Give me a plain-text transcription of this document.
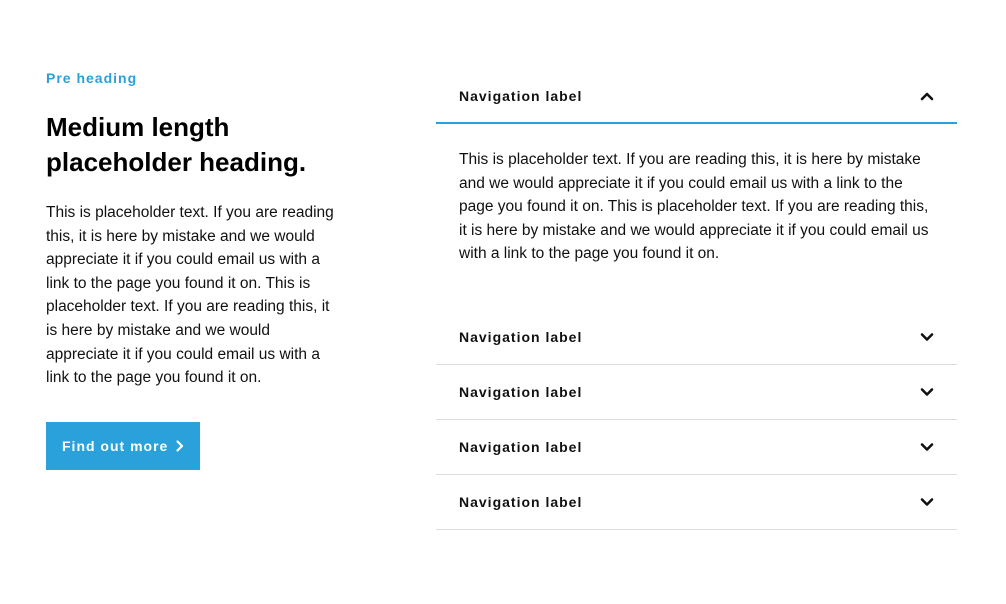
Pre heading

Medium length placeholder heading.

This is placeholder text. If you are reading this, it is here by mistake and we would appreciate it if you could email us with a link to the page you found it on. This is placeholder text. If you are reading this, it is here by mistake and we would appreciate it if you could email us with a link to the page you found it on.

Find out more
Navigation label
This is placeholder text. If you are reading this, it is here by mistake and we would appreciate it if you could email us with a link to the page you found it on. This is placeholder text. If you are reading this, it is here by mistake and we would appreciate it if you could email us with a link to the page you found it on.
Navigation label
Navigation label
Navigation label
Navigation label
